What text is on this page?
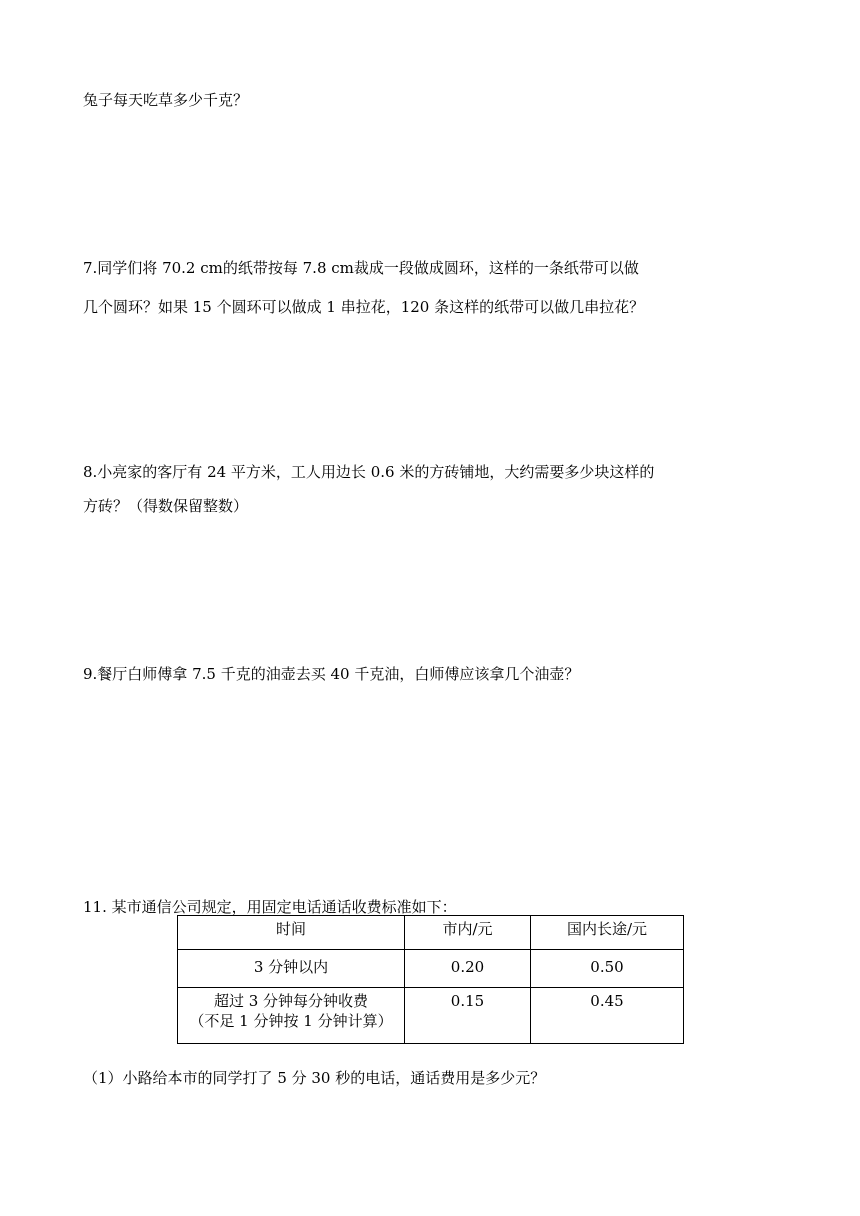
兔子每天吃草多少千克？
7.同学们将 70.2 cm的纸带按每 7.8 cm裁成一段做成圆环，这样的一条纸带可以做
几个圆环？如果 15 个圆环可以做成 1 串拉花，120 条这样的纸带可以做几串拉花？
8.小亮家的客厅有 24 平方米，工人用边长 0.6 米的方砖铺地，大约需要多少块这样的
方砖？（得数保留整数）
9.餐厅白师傅拿 7.5 千克的油壶去买 40 千克油，白师傅应该拿几个油壶？
11. 某市通信公司规定，用固定电话通话收费标准如下：
时间	市内/元	国内长途/元
3 分钟以内	0.20	0.50

超过 3 分钟每分钟收费
（不足 1 分钟按 1 分钟计算）	0.15	0.45
（1）小路给本市的同学打了 5 分 30 秒的电话，通话费用是多少元？
